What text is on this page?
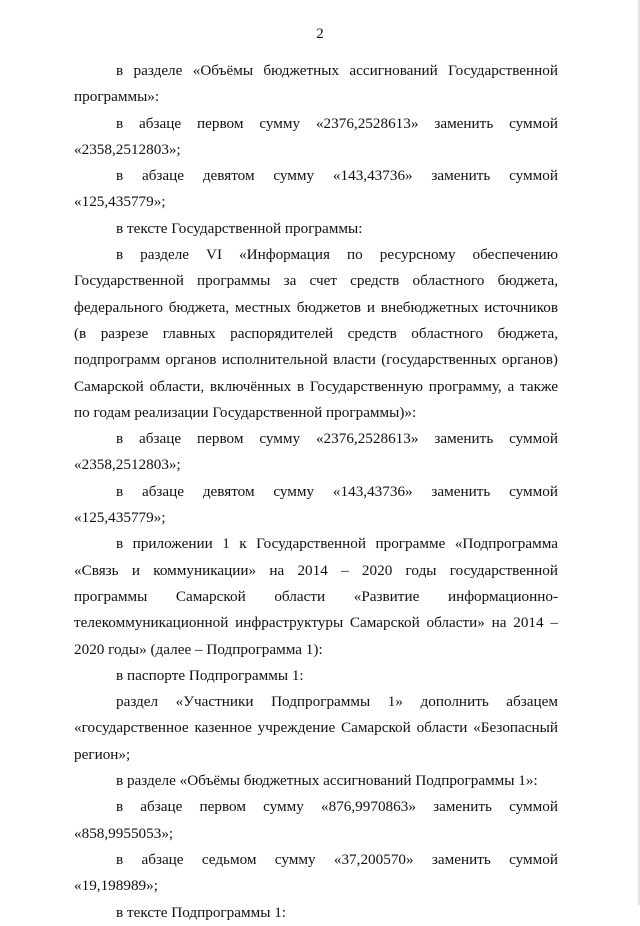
2

в разделе «Объёмы бюджетных ассигнований Государственной программы»:

в абзаце первом сумму «2376,2528613» заменить суммой «2358,2512803»;

в абзаце девятом сумму «143,43736» заменить суммой «125,435779»;

в тексте Государственной программы:

в разделе VI «Информация по ресурсному обеспечению Государственной программы за счет средств областного бюджета, федерального бюджета, местных бюджетов и внебюджетных источников (в разрезе главных распорядителей средств областного бюджета, подпрограмм органов исполнительной власти (государственных органов) Самарской области, включённых в Государственную программу, а также по годам реализации Государственной программы)»:

в абзаце первом сумму «2376,2528613» заменить суммой «2358,2512803»;

в абзаце девятом сумму «143,43736» заменить суммой «125,435779»;

в приложении 1 к Государственной программе «Подпрограмма «Связь и коммуникации» на 2014 – 2020 годы государственной программы Самарской области «Развитие информационно-телекоммуникационной инфраструктуры Самарской области» на 2014 – 2020 годы» (далее – Подпрограмма 1):

в паспорте Подпрограммы 1:

раздел «Участники Подпрограммы 1» дополнить абзацем «государственное казенное учреждение Самарской области «Безопасный регион»;

в разделе «Объёмы бюджетных ассигнований Подпрограммы 1»:

в абзаце первом сумму «876,9970863» заменить суммой «858,9955053»;

в абзаце седьмом сумму «37,200570» заменить суммой «19,198989»;

в тексте Подпрограммы 1:
